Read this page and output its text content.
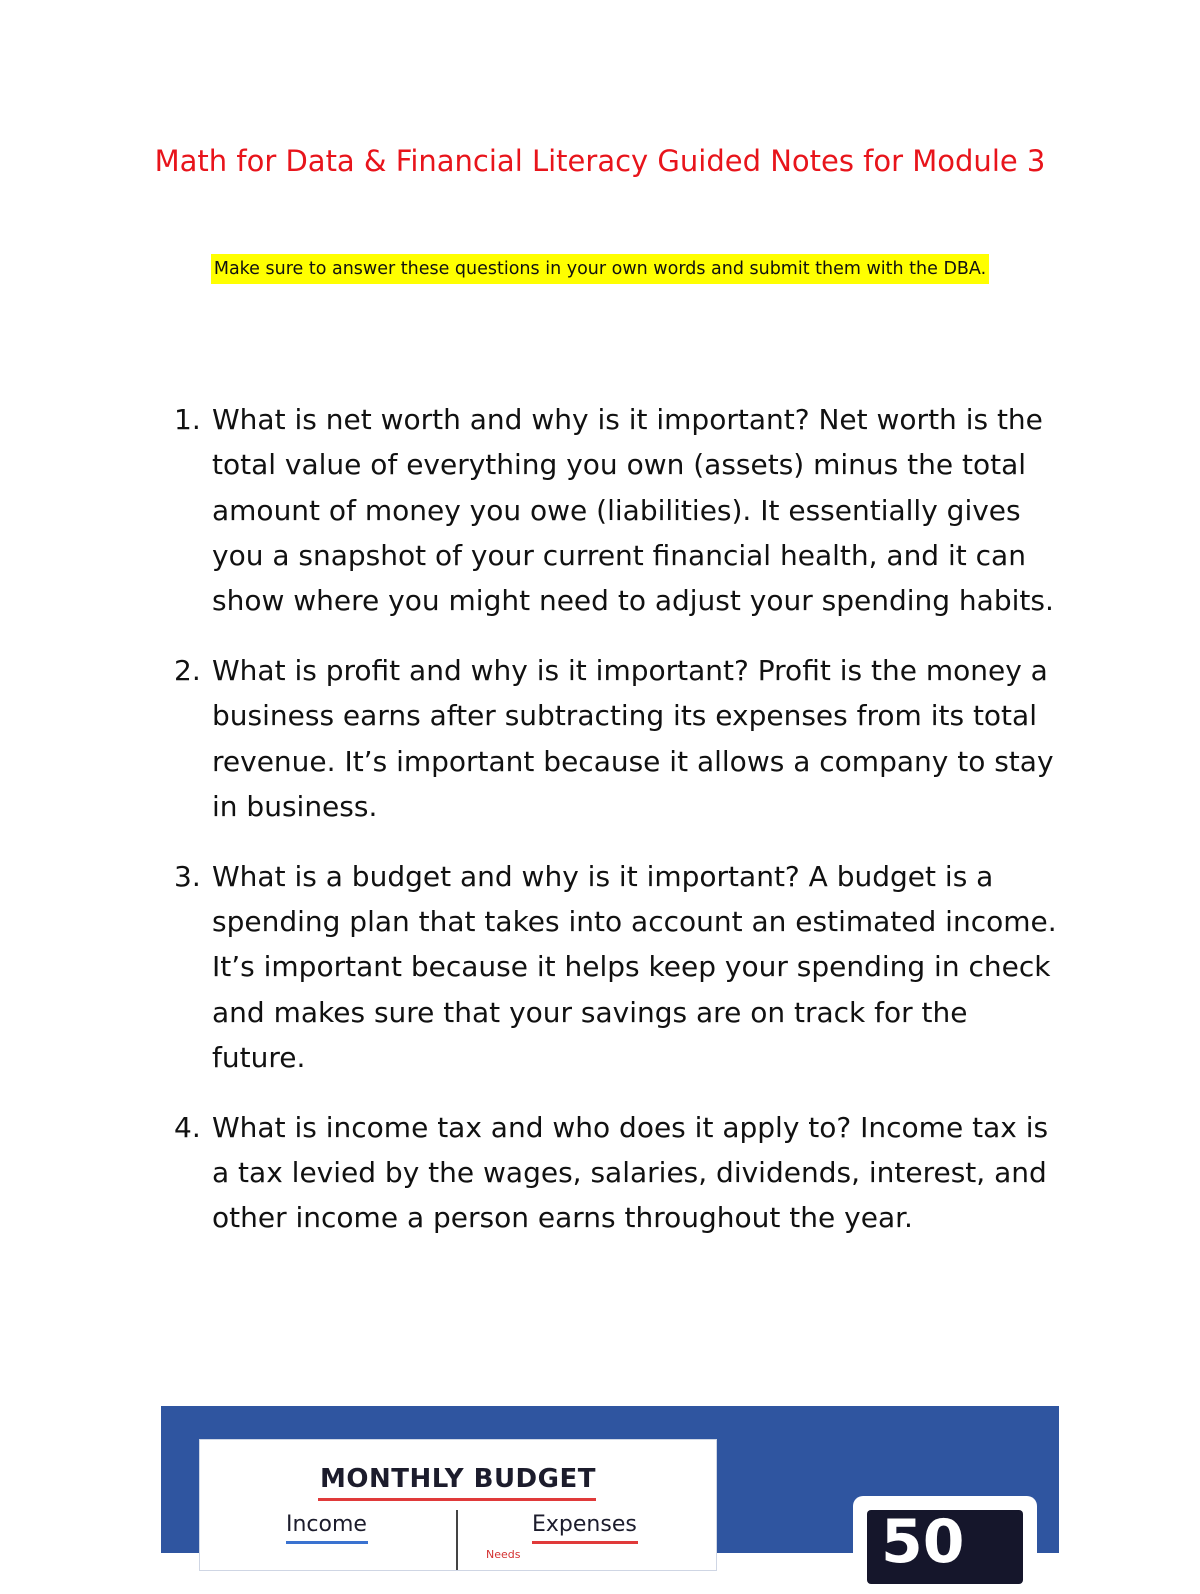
Math for Data & Financial Literacy Guided Notes for Module 3
Make sure to answer these questions in your own words and submit them with the DBA.
1. What is net worth and why is it important? Net worth is the total value of everything you own (assets) minus the total amount of money you owe (liabilities). It essentially gives you a snapshot of your current financial health, and it can show where you might need to adjust your spending habits.
2. What is profit and why is it important? Profit is the money a business earns after subtracting its expenses from its total revenue. It’s important because it allows a company to stay in business.
3. What is a budget and why is it important? A budget is a spending plan that takes into account an estimated income. It’s important because it helps keep your spending in check and makes sure that your savings are on track for the future.
4. What is income tax and who does it apply to? Income tax is a tax levied by the wages, salaries, dividends, interest, and other income a person earns throughout the year.
MONTHLY BUDGET
Income	Expenses
Needs	50
